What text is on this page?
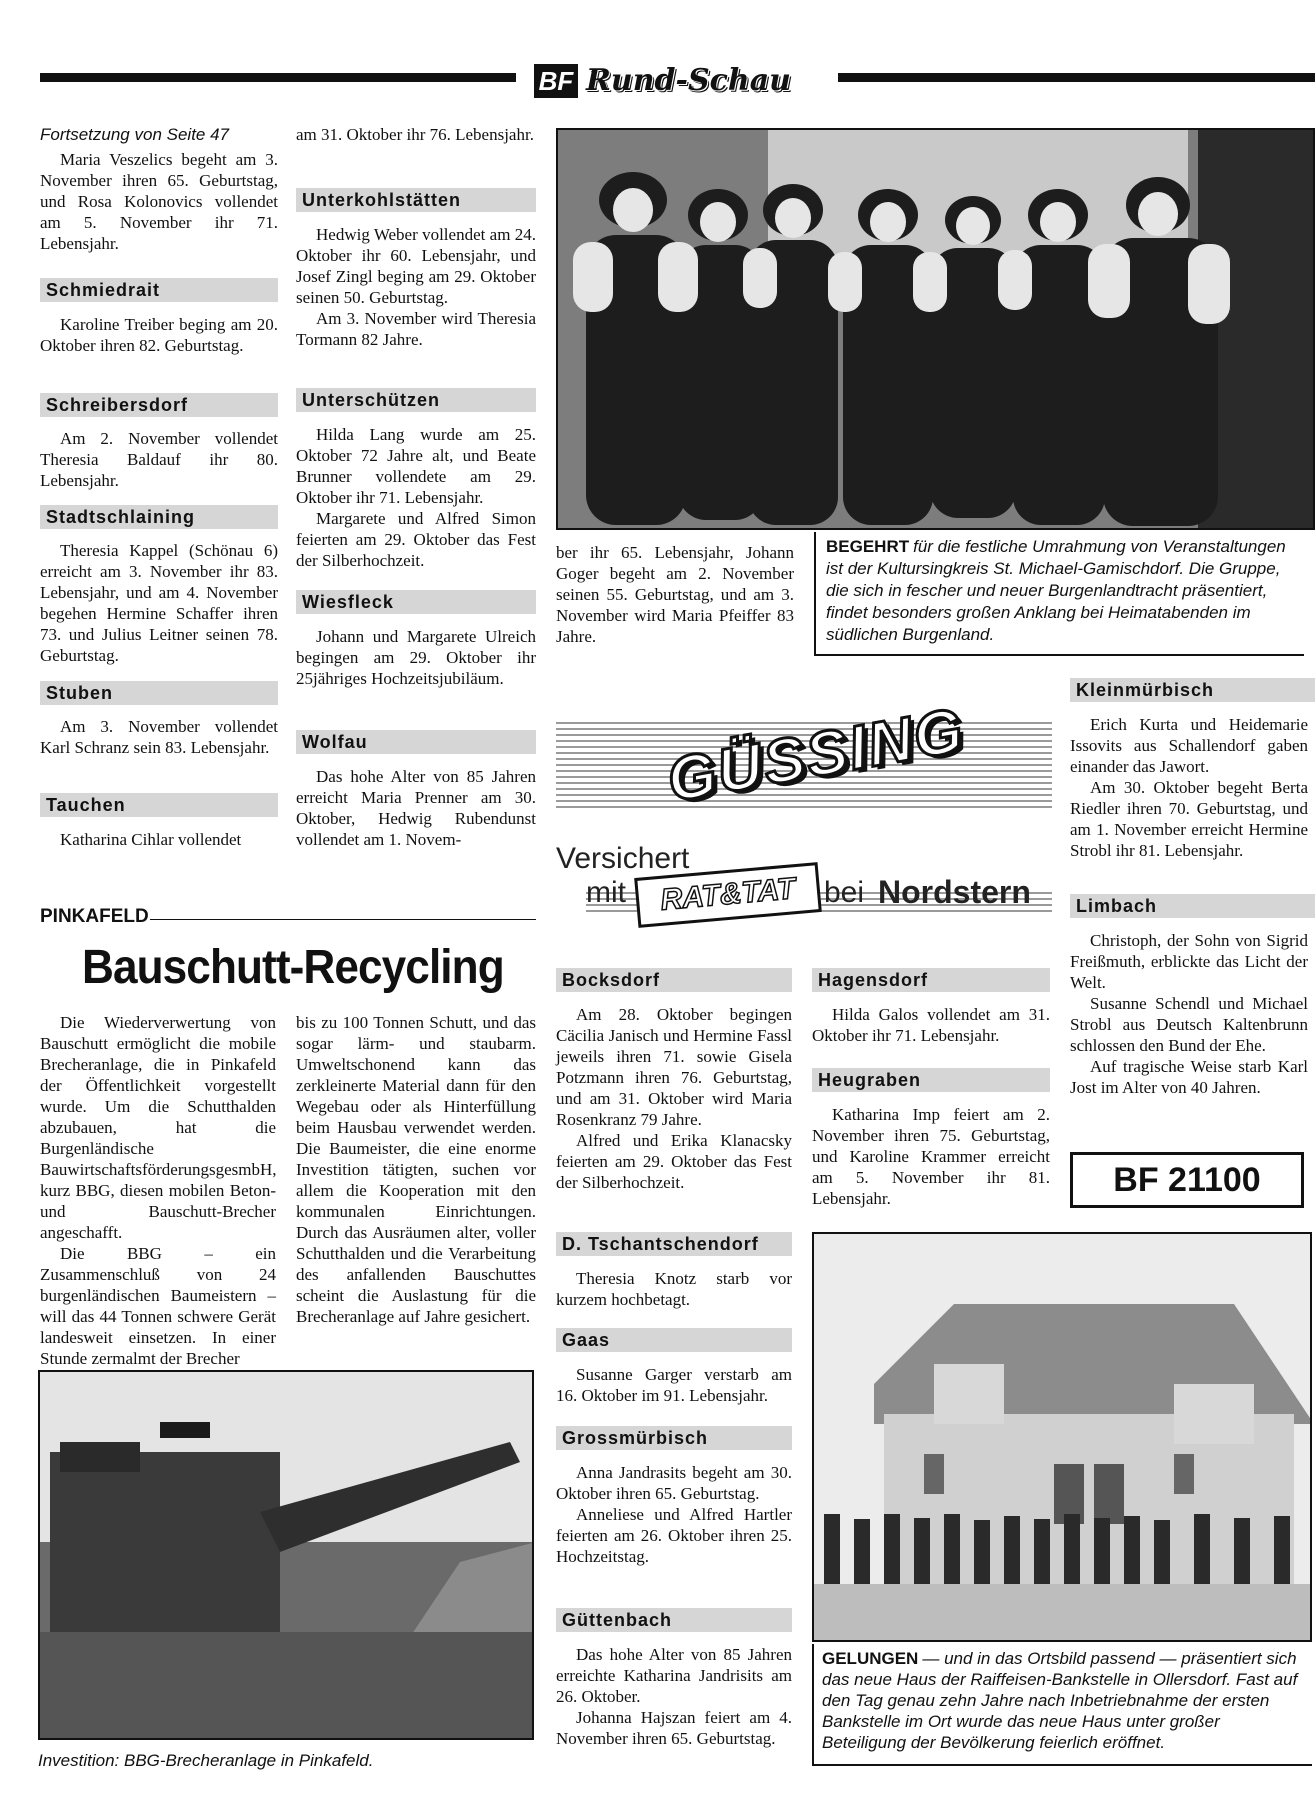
BF Rund-Schau
Fortsetzung von Seite 47

Maria Veszelics begeht am 3. November ihren 65. Geburtstag, und Rosa Kolonovics vollendet am 5. November ihr 71. Lebensjahr.

Schmiedrait

Karoline Treiber beging am 20. Oktober ihren 82. Geburtstag.

Schreibersdorf

Am 2. November vollendet Theresia Baldauf ihr 80. Lebensjahr.

Stadtschlaining

Theresia Kappel (Schönau 6) erreicht am 3. November ihr 83. Lebensjahr, und am 4. November begehen Hermine Schaffer ihren 73. und Julius Leitner seinen 78. Geburtstag.

Stuben

Am 3. November vollendet Karl Schranz sein 83. Lebensjahr.

Tauchen

Katharina Cihlar vollendet

am 31. Oktober ihr 76. Lebensjahr.

Unterkohlstätten

Hedwig Weber vollendet am 24. Oktober ihr 60. Lebensjahr, und Josef Zingl beging am 29. Oktober seinen 50. Geburtstag.

Am 3. November wird Theresia Tormann 82 Jahre.

Unterschützen

Hilda Lang wurde am 25. Oktober 72 Jahre alt, und Beate Brunner vollendete am 29. Oktober ihr 71. Lebensjahr.

Margarete und Alfred Simon feierten am 29. Oktober das Fest der Silberhochzeit.

Wiesfleck

Johann und Margarete Ulreich begingen am 29. Oktober ihr 25jähriges Hochzeitsjubiläum.

Wolfau

Das hohe Alter von 85 Jahren erreicht Maria Prenner am 30. Oktober, Hedwig Rubendunst vollendet am 1. Novem-

ber ihr 65. Lebensjahr, Johann Goger begeht am 2. November seinen 55. Geburtstag, und am 3. November wird Maria Pfeiffer 83 Jahre.

BEGEHRT für die festliche Umrahmung von Veranstaltungen ist der Kultursingkreis St. Michael-Gamischdorf. Die Gruppe, die sich in fescher und neuer Burgenlandtracht präsentiert, findet besonders großen Anklang bei Heimatabenden im südlichen Burgenland.
GÜSSING
Versichert
mit	RAT&TAT bei Nordstern
Kleinmürbisch

Erich Kurta und Heidemarie Issovits aus Schallendorf gaben einander das Jawort.

Am 30. Oktober begeht Berta Riedler ihren 70. Geburtstag, und am 1. November erreicht Hermine Strobl ihr 81. Lebensjahr.

Limbach

Christoph, der Sohn von Sigrid Freißmuth, erblickte das Licht der Welt.

Susanne Schendl und Michael Strobl aus Deutsch Kaltenbrunn schlossen den Bund der Ehe.

Auf tragische Weise starb Karl Jost im Alter von 40 Jahren.

BF 21100
PINKAFELD
Bauschutt-Recycling

Die Wiederverwertung von Bauschutt ermöglicht die mobile Brecheranlage, die in Pinkafeld der Öffentlichkeit vorgestellt wurde. Um die Schutthalden abzubauen, hat die Burgenländische BauwirtschaftsförderungsgesmbH, kurz BBG, diesen mobilen Beton- und Bauschutt-Brecher angeschafft.

Die BBG – ein Zusammenschluß von 24 burgenländischen Baumeistern – will das 44 Tonnen schwere Gerät landesweit einsetzen. In einer Stunde zermalmt der Brecher

bis zu 100 Tonnen Schutt, und das sogar lärm- und staubarm. Umweltschonend kann das zerkleinerte Material dann für den Wegebau oder als Hinterfüllung beim Hausbau verwendet werden. Die Baumeister, die eine enorme Investition tätigten, suchen vor allem die Kooperation mit den kommunalen Einrichtungen. Durch das Ausräumen alter, voller Schutthalden und die Verarbeitung des anfallenden Bauschuttes scheint die Auslastung für die Brecheranlage auf Jahre gesichert.

Investition: BBG-Brecheranlage in Pinkafeld.
Bocksdorf

Am 28. Oktober begingen Cäcilia Janisch und Hermine Fassl jeweils ihren 71. sowie Gisela Potzmann ihren 76. Geburtstag, und am 31. Oktober wird Maria Rosenkranz 79 Jahre.

Alfred und Erika Klanacsky feierten am 29. Oktober das Fest der Silberhochzeit.

D. Tschantschendorf

Theresia Knotz starb vor kurzem hochbetagt.

Gaas

Susanne Garger verstarb am 16. Oktober im 91. Lebensjahr.

Grossmürbisch

Anna Jandrasits begeht am 30. Oktober ihren 65. Geburtstag.

Anneliese und Alfred Hartler feierten am 26. Oktober ihren 25. Hochzeitstag.

Güttenbach

Das hohe Alter von 85 Jahren erreichte Katharina Jandrisits am 26. Oktober.

Johanna Hajszan feiert am 4. November ihren 65. Geburtstag.

Hagensdorf

Hilda Galos vollendet am 31. Oktober ihr 71. Lebensjahr.

Heugraben

Katharina Imp feiert am 2. November ihren 75. Geburtstag, und Karoline Krammer erreicht am 5. November ihr 81. Lebensjahr.

GELUNGEN — und in das Ortsbild passend — präsentiert sich das neue Haus der Raiffeisen-Bankstelle in Ollersdorf. Fast auf den Tag genau zehn Jahre nach Inbetriebnahme der ersten Bankstelle im Ort wurde das neue Haus unter großer Beteiligung der Bevölkerung feierlich eröffnet.
